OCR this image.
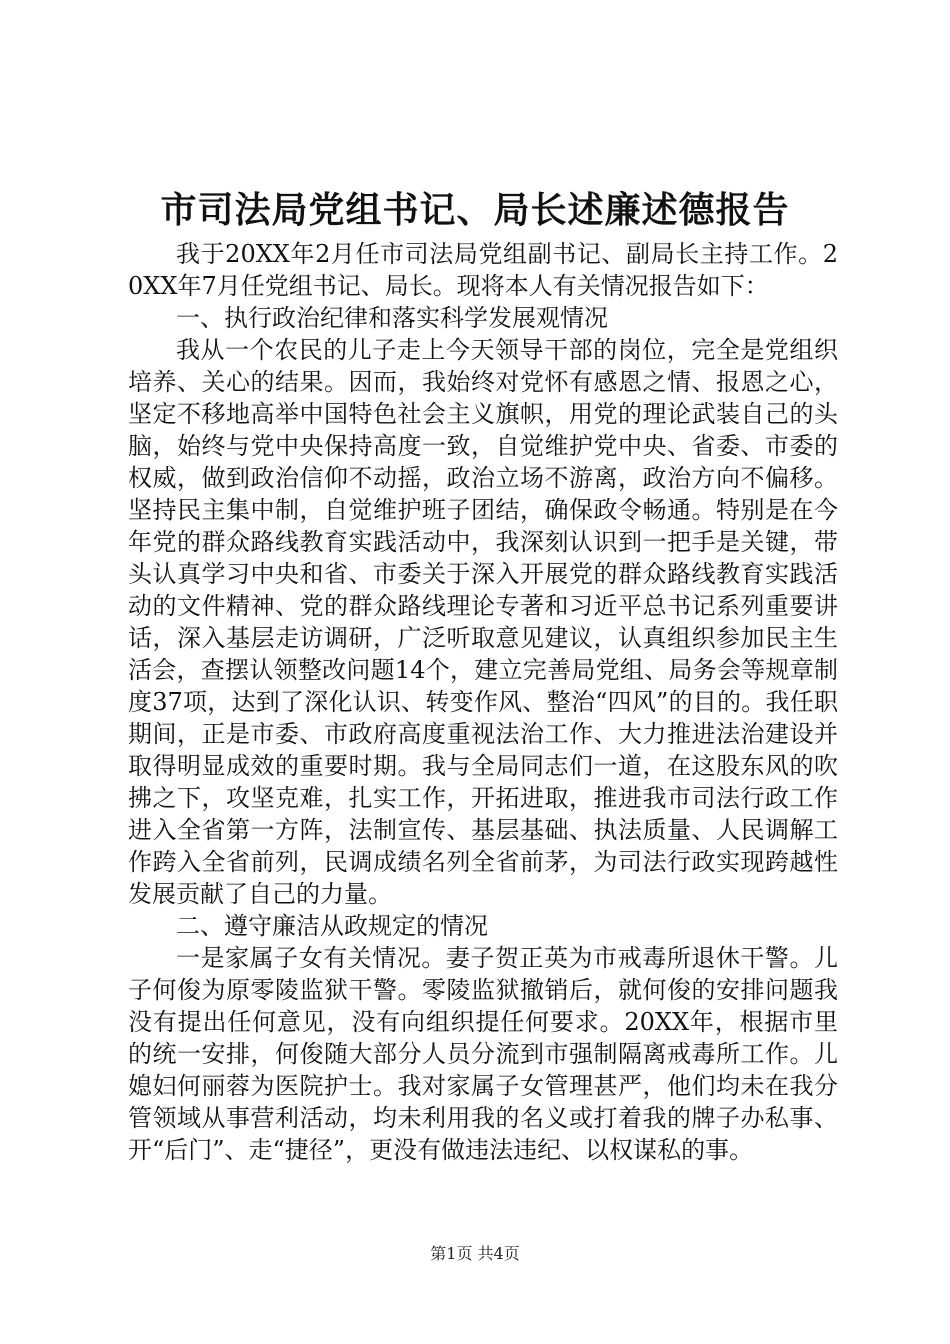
市司法局党组书记、局长述廉述德报告

我于20XX年2月任市司法局党组副书记、副局长主持工作。20XX年7月任党组书记、局长。现将本人有关情况报告如下：

一、执行政治纪律和落实科学发展观情况

我从一个农民的儿子走上今天领导干部的岗位，完全是党组织培养、关心的结果。因而，我始终对党怀有感恩之情、报恩之心，坚定不移地高举中国特色社会主义旗帜，用党的理论武装自己的头脑，始终与党中央保持高度一致，自觉维护党中央、省委、市委的权威，做到政治信仰不动摇，政治立场不游离，政治方向不偏移。坚持民主集中制，自觉维护班子团结，确保政令畅通。特别是在今年党的群众路线教育实践活动中，我深刻认识到一把手是关键，带头认真学习中央和省、市委关于深入开展党的群众路线教育实践活动的文件精神、党的群众路线理论专著和习近平总书记系列重要讲话，深入基层走访调研，广泛听取意见建议，认真组织参加民主生活会，查摆认领整改问题14个，建立完善局党组、局务会等规章制度37项，达到了深化认识、转变作风、整治“四风”的目的。我任职期间，正是市委、市政府高度重视法治工作、大力推进法治建设并取得明显成效的重要时期。我与全局同志们一道，在这股东风的吹拂之下，攻坚克难，扎实工作，开拓进取，推进我市司法行政工作进入全省第一方阵，法制宣传、基层基础、执法质量、人民调解工作跨入全省前列，民调成绩名列全省前茅，为司法行政实现跨越性发展贡献了自己的力量。

二、遵守廉洁从政规定的情况

一是家属子女有关情况。妻子贺正英为市戒毒所退休干警。儿子何俊为原零陵监狱干警。零陵监狱撤销后，就何俊的安排问题我没有提出任何意见，没有向组织提任何要求。20XX年，根据市里的统一安排，何俊随大部分人员分流到市强制隔离戒毒所工作。儿媳妇何丽蓉为医院护士。我对家属子女管理甚严，他们均未在我分管领域从事营利活动，均未利用我的名义或打着我的牌子办私事、开“后门”、走“捷径”，更没有做违法违纪、以权谋私的事。

第1页 共4页
